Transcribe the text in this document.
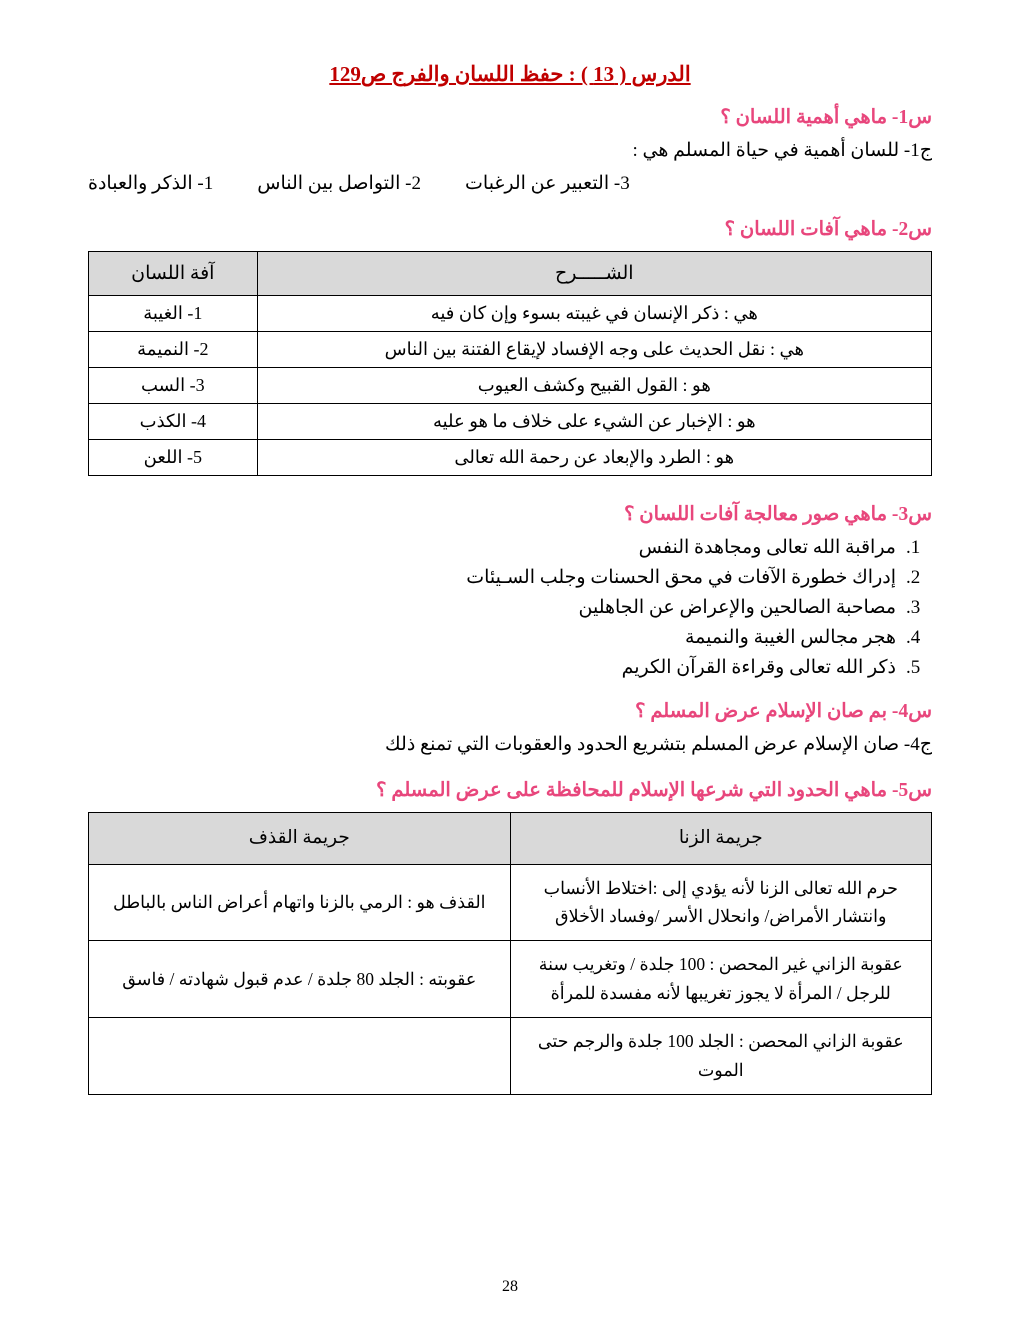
الدرس ( 13 ) : حفظ اللسان والفرج ص129
س1- ماهي أهمية اللسان ؟
ج1- للسان أهمية في حياة المسلم هي :
3- التعبير عن الرغبات
2- التواصل بين الناس
1- الذكر والعبادة
س2- ماهي آفات اللسان ؟
الشـــــرح	آفة اللسان
هي : ذكر الإنسان في غيبته بسوء وإن كان فيه	1- الغيبة
هي : نقل الحديث على وجه الإفساد لإيقاع الفتنة بين الناس	2- النميمة
هو : القول القبيح وكشف العيوب	3- السب
هو : الإخبار عن الشيء على خلاف ما هو عليه	4- الكذب
هو : الطرد والإبعاد عن رحمة الله تعالى	5- اللعن
س3- ماهي صور معالجة آفات اللسان ؟
مراقبة الله تعالى ومجاهدة النفس
إدراك خطورة الآفات في محق الحسنات وجلب السـيئات
مصاحبة الصالحين والإعراض عن الجاهلين
هجر مجالس الغيبة والنميمة
ذكر الله تعالى وقراءة القرآن الكريم
س4- بم صان الإسلام عرض المسلم ؟
ج4- صان الإسلام عرض المسلم بتشريع الحدود والعقوبات التي تمنع ذلك
س5- ماهي الحدود التي شرعها الإسلام للمحافظة على عرض المسلم ؟
جريمة الزنا	جريمة القذف
حرم الله تعالى الزنا لأنه يؤدي إلى :اختلاط الأنساب وانتشار الأمراض/ وانحلال الأسر /وفساد الأخلاق	القذف هو : الرمي بالزنا واتهام أعراض الناس بالباطل
عقوبة الزاني غير المحصن : 100 جلدة / وتغريب سنة للرجل / المرأة لا يجوز تغريبها لأنه مفسدة للمرأة	عقوبته : الجلد 80 جلدة / عدم قبول شهادته / فاسق
عقوبة الزاني المحصن : الجلد 100 جلدة والرجم حتى الموت	
28
